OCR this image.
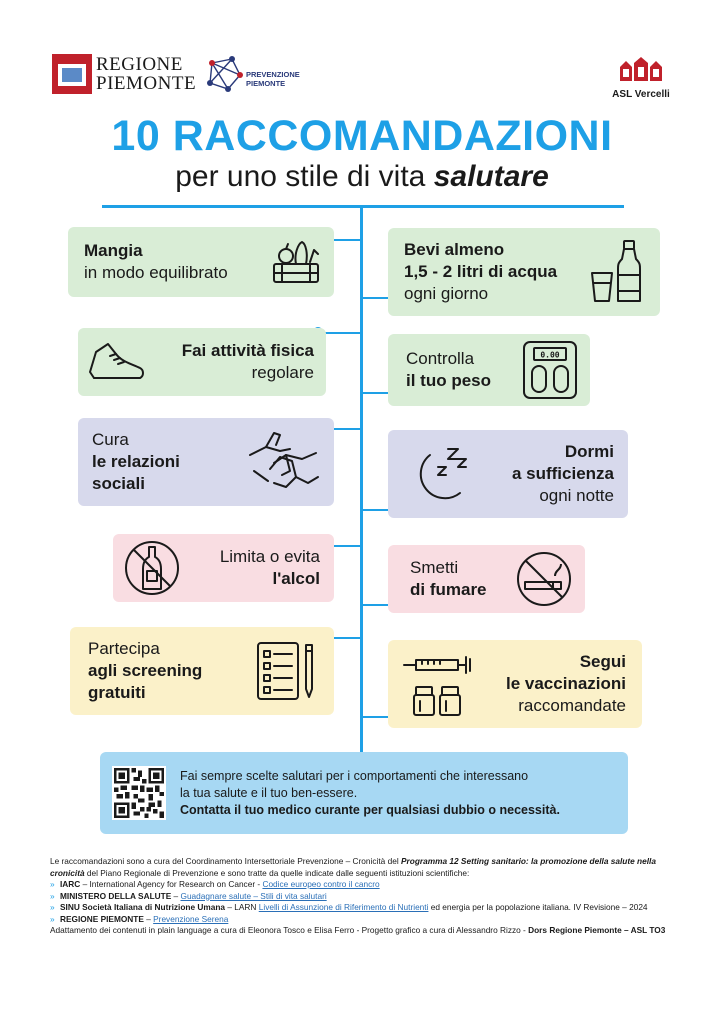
REGIONE
PIEMONTE	PREVENZIONE
PIEMONTE
ASL Vercelli
10 RACCOMANDAZIONI
per uno stile di vita salutare
Mangia
in modo equilibrato
Bevi almeno
1,5 - 2 litri di acqua
ogni giorno
Fai attività fisica
regolare
Controlla
il tuo peso
0.00
Cura
le relazioni
sociali
Dormi
a sufficienza
ogni notte
Limita o evita
l'alcol
Smetti
di fumare
Partecipa
agli screening
gratuiti
Segui
le vaccinazioni
raccomandate
Fai sempre scelte salutari per i comportamenti che interessano
la tua salute e il tuo ben-essere.
Contatta il tuo medico curante per qualsiasi dubbio o necessità.
Le raccomandazioni sono a cura del Coordinamento Intersettoriale Prevenzione – Cronicità del Programma 12 Setting sanitario: la promozione della salute nella cronicità del Piano Regionale di Prevenzione e sono tratte da quelle indicate dalle seguenti istituzioni scientifiche:
» IARC – International Agency for Research on Cancer - Codice europeo contro il cancro
» MINISTERO DELLA SALUTE – Guadagnare salute – Stili di vita salutari
» SINU Società Italiana di Nutrizione Umana – LARN Livelli di Assunzione di Riferimento di Nutrienti ed energia per la popolazione italiana. IV Revisione – 2024
» REGIONE PIEMONTE – Prevenzione Serena
Adattamento dei contenuti in plain language a cura di Eleonora Tosco e Elisa Ferro - Progetto grafico a cura di Alessandro Rizzo - Dors Regione Piemonte – ASL TO3
